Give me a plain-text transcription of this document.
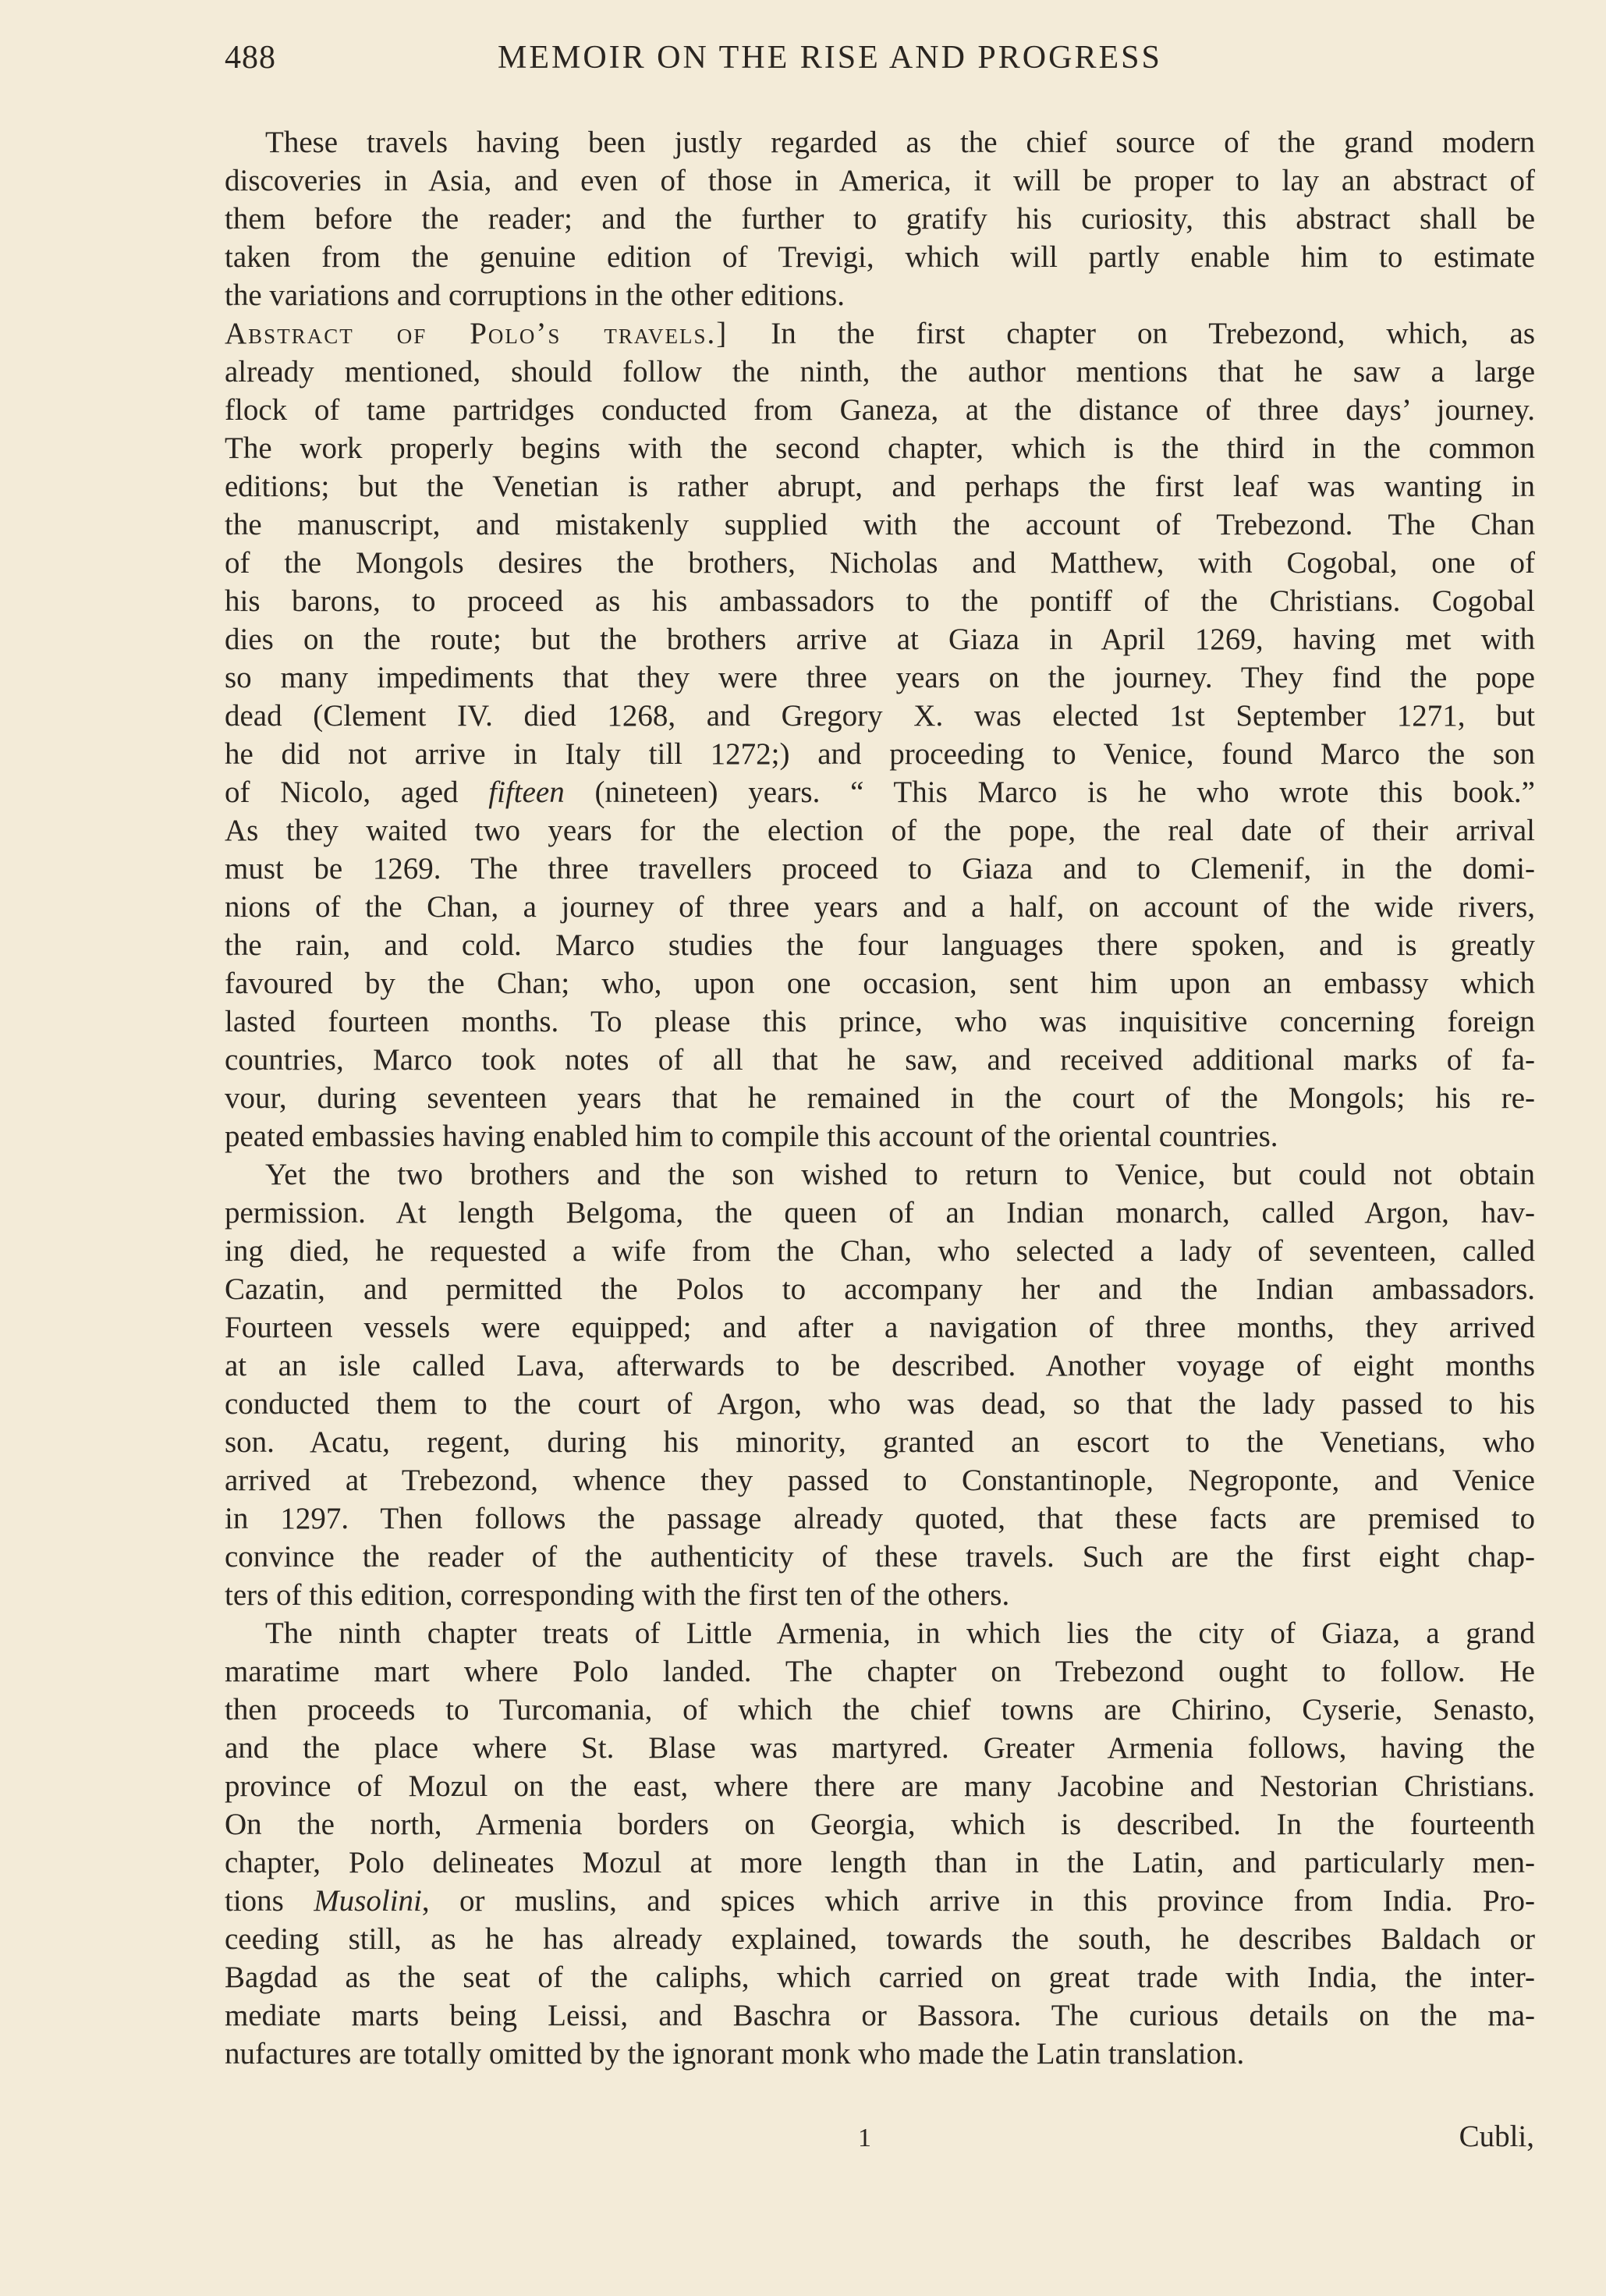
488	MEMOIR ON THE RISE AND PROGRESS
These travels having been justly regarded as the chief source of the grand modern
discoveries in Asia, and even of those in America, it will be proper to lay an abstract of
them before the reader; and the further to gratify his curiosity, this abstract shall be
taken from the genuine edition of Trevigi, which will partly enable him to estimate
the variations and corruptions in the other editions.
Abstract of Polo’s travels.] In the first chapter on Trebezond, which, as
already mentioned, should follow the ninth, the author mentions that he saw a large
flock of tame partridges conducted from Ganeza, at the distance of three days’ journey.
The work properly begins with the second chapter, which is the third in the common
editions; but the Venetian is rather abrupt, and perhaps the first leaf was wanting in
the manuscript, and mistakenly supplied with the account of Trebezond. The Chan
of the Mongols desires the brothers, Nicholas and Matthew, with Cogobal, one of
his barons, to proceed as his ambassadors to the pontiff of the Christians. Cogobal
dies on the route; but the brothers arrive at Giaza in April 1269, having met with
so many impediments that they were three years on the journey. They find the pope
dead (Clement IV. died 1268, and Gregory X. was elected 1st September 1271, but
he did not arrive in Italy till 1272;) and proceeding to Venice, found Marco the son
of Nicolo, aged fifteen (nineteen) years. “ This Marco is he who wrote this book.”
As they waited two years for the election of the pope, the real date of their arrival
must be 1269. The three travellers proceed to Giaza and to Clemenif, in the domi-
nions of the Chan, a journey of three years and a half, on account of the wide rivers,
the rain, and cold. Marco studies the four languages there spoken, and is greatly
favoured by the Chan; who, upon one occasion, sent him upon an embassy which
lasted fourteen months. To please this prince, who was inquisitive concerning foreign
countries, Marco took notes of all that he saw, and received additional marks of fa-
vour, during seventeen years that he remained in the court of the Mongols; his re-
peated embassies having enabled him to compile this account of the oriental countries.
Yet the two brothers and the son wished to return to Venice, but could not obtain
permission. At length Belgoma, the queen of an Indian monarch, called Argon, hav-
ing died, he requested a wife from the Chan, who selected a lady of seventeen, called
Cazatin, and permitted the Polos to accompany her and the Indian ambassadors.
Fourteen vessels were equipped; and after a navigation of three months, they arrived
at an isle called Lava, afterwards to be described. Another voyage of eight months
conducted them to the court of Argon, who was dead, so that the lady passed to his
son. Acatu, regent, during his minority, granted an escort to the Venetians, who
arrived at Trebezond, whence they passed to Constantinople, Negroponte, and Venice
in 1297. Then follows the passage already quoted, that these facts are premised to
convince the reader of the authenticity of these travels. Such are the first eight chap-
ters of this edition, corresponding with the first ten of the others.
The ninth chapter treats of Little Armenia, in which lies the city of Giaza, a grand
maratime mart where Polo landed. The chapter on Trebezond ought to follow. He
then proceeds to Turcomania, of which the chief towns are Chirino, Cyserie, Senasto,
and the place where St. Blase was martyred. Greater Armenia follows, having the
province of Mozul on the east, where there are many Jacobine and Nestorian Christians.
On the north, Armenia borders on Georgia, which is described. In the fourteenth
chapter, Polo delineates Mozul at more length than in the Latin, and particularly men-
tions Musolini, or muslins, and spices which arrive in this province from India. Pro-
ceeding still, as he has already explained, towards the south, he describes Baldach or
Bagdad as the seat of the caliphs, which carried on great trade with India, the inter-
mediate marts being Leissi, and Baschra or Bassora. The curious details on the ma-
nufactures are totally omitted by the ignorant monk who made the Latin translation.
1	Cubli,
